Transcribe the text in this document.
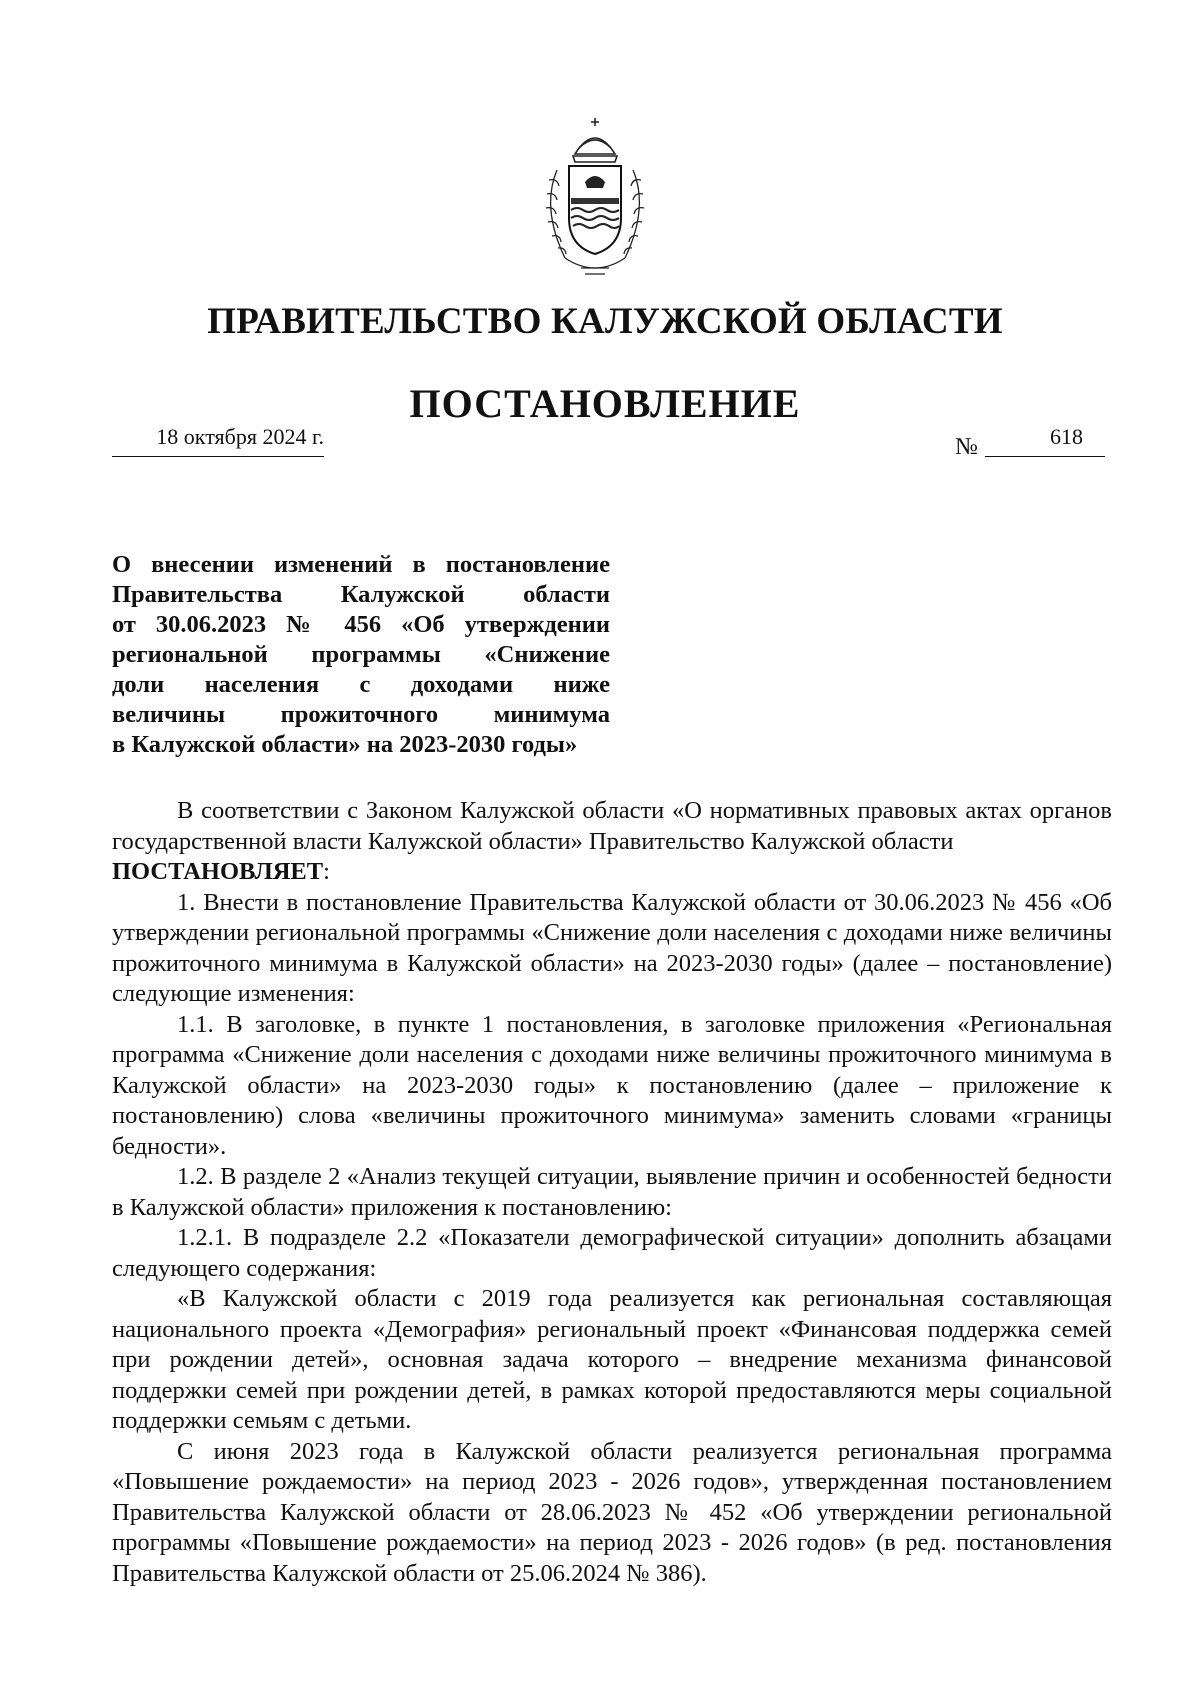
ПРАВИТЕЛЬСТВО КАЛУЖСКОЙ ОБЛАСТИ
ПОСТАНОВЛЕНИЕ
18 октября 2024 г.	№	618
О внесении изменений в постановление
Правительства Калужской области
от 30.06.2023 № 456 «Об утверждении
региональной программы «Снижение
доли населения с доходами ниже
величины прожиточного минимума
в Калужской области» на 2023-2030 годы»

В соответствии с Законом Калужской области «О нормативных правовых актах органов государственной власти Калужской области» Правительство Калужской области

ПОСТАНОВЛЯЕТ:

1. Внести в постановление Правительства Калужской области от 30.06.2023 № 456 «Об утверждении региональной программы «Снижение доли населения с доходами ниже величины прожиточного минимума в Калужской области» на 2023-2030 годы» (далее – постановление) следующие изменения:

1.1. В заголовке, в пункте 1 постановления, в заголовке приложения «Региональная программа «Снижение доли населения с доходами ниже величины прожиточного минимума в Калужской области» на 2023-2030 годы» к постановлению (далее – приложение к постановлению) слова «величины прожиточного минимума» заменить словами «границы бедности».

1.2. В разделе 2 «Анализ текущей ситуации, выявление причин и особенностей бедности в Калужской области» приложения к постановлению:

1.2.1. В подразделе 2.2 «Показатели демографической ситуации» дополнить абзацами следующего содержания:

«В Калужской области с 2019 года реализуется как региональная составляющая национального проекта «Демография» региональный проект «Финансовая поддержка семей при рождении детей», основная задача которого – внедрение механизма финансовой поддержки семей при рождении детей, в рамках которой предоставляются меры социальной поддержки семьям с детьми.

С июня 2023 года в Калужской области реализуется региональная программа «Повышение рождаемости» на период 2023 - 2026 годов», утвержденная постановлением Правительства Калужской области от 28.06.2023 № 452 «Об утверждении региональной программы «Повышение рождаемости» на период 2023 - 2026 годов» (в ред. постановления Правительства Калужской области от 25.06.2024 № 386).
